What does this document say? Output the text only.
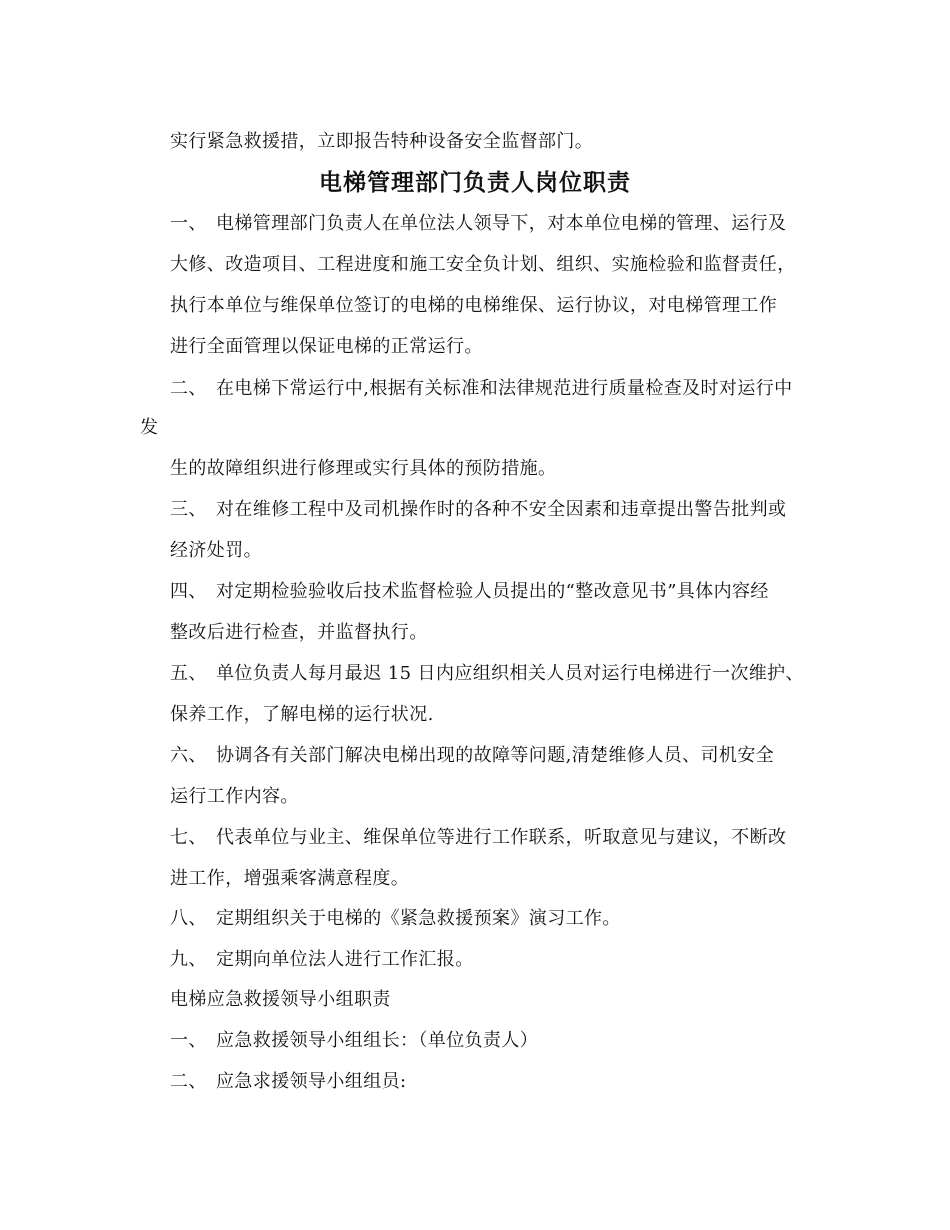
实行紧急救援措，立即报告特种设备安全监督部门。
电梯管理部门负责人岗位职责
一、 电梯管理部门负责人在单位法人领导下，对本单位电梯的管理、运行及
大修、改造项目、工程进度和施工安全负计划、组织、实施检验和监督责任，
执行本单位与维保单位签订的电梯的电梯维保、运行协议，对电梯管理工作
进行全面管理以保证电梯的正常运行。
二、 在电梯下常运行中,根据有关标准和法律规范进行质量检查及时对运行中
发
生的故障组织进行修理或实行具体的预防措施。
三、 对在维修工程中及司机操作时的各种不安全因素和违章提出警告批判或
经济处罚。
四、 对定期检验验收后技术监督检验人员提出的“整改意见书”具体内容经
整改后进行检查，并监督执行。
五、 单位负责人每月最迟 15 日内应组织相关人员对运行电梯进行一次维护、
保养工作，了解电梯的运行状况.
六、 协调各有关部门解决电梯出现的故障等问题,清楚维修人员、司机安全
运行工作内容。
七、 代表单位与业主、维保单位等进行工作联系，听取意见与建议，不断改
进工作，增强乘客满意程度。
八、 定期组织关于电梯的《紧急救援预案》演习工作。
九、 定期向单位法人进行工作汇报。
电梯应急救援领导小组职责
一、 应急救援领导小组组长：（单位负责人）
二、 应急求援领导小组组员:
